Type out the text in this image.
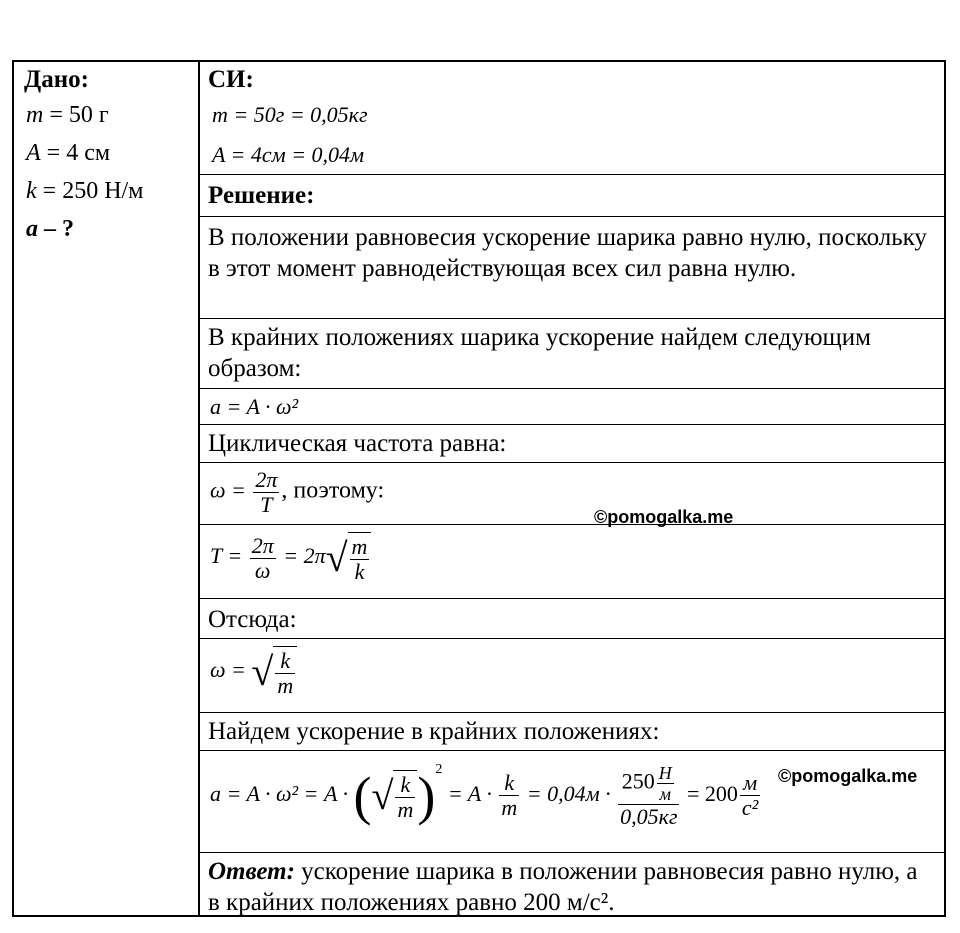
Дано:
m = 50 г
A = 4 см
k = 250 Н/м
a – ?
СИ:
m = 50г = 0,05кг
A = 4см = 0,04м
Решение:
В положении равновесия ускорение шарика равно нулю, поскольку в этот момент равнодействующая всех сил равна нулю.
В крайних положениях шарика ускорение найдем следующим образом:
a = A · ω²
Циклическая частота равна:
$\omega = \frac{2\pi}{T}$ , поэтому:
$T = \frac{2\pi}{\omega} = 2\pi√ \frac{m}{k}$
Отсюда:
ω = √ $\frac{k}{m}$
Найдем ускорение в крайних положениях:
a = A · ω² = A · (√ $\frac{k}{m} )^2 = A \cdot \frac{k}{m} = 0,04м \cdot \frac{250 \frac{Н}{м}}{0,05кг} = 200 \frac{м}{\text{с²}}$
Ответ: ускорение шарика в положении равновесия равно нулю, а в крайних положениях равно 200 м/с².
©pomogalka.me
©pomogalka.me
